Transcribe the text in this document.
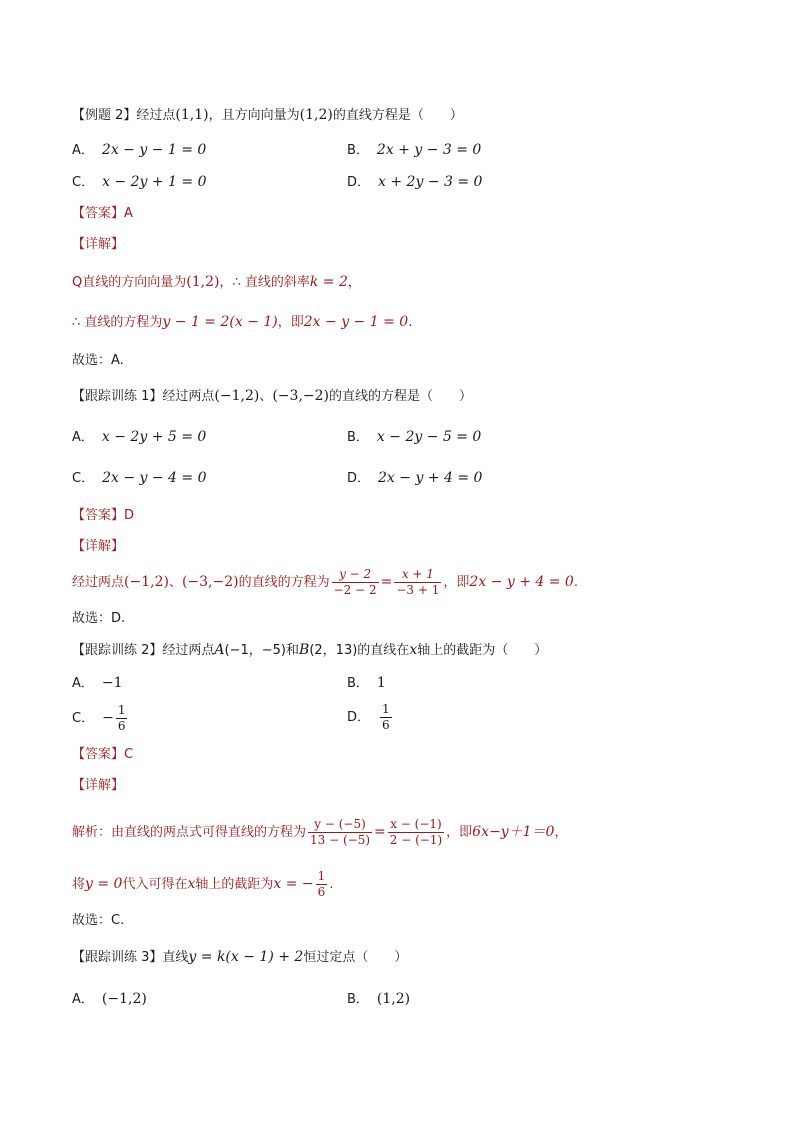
【例题 2】经过点(1,1)，且方向向量为(1,2)的直线方程是（　　）
A． 2x − y − 1 = 0	B． 2x + y − 3 = 0
C． x − 2y + 1 = 0	D． x + 2y − 3 = 0
【答案】A
【详解】
Q直线的方向向量为(1,2)，∴ 直线的斜率k = 2，
∴ 直线的方程为y − 1 = 2(x − 1)，即2x − y − 1 = 0.
故选：A.
【跟踪训练 1】经过两点(−1,2)、(−3,−2)的直线的方程是（　　）
A． x − 2y + 5 = 0	B． x − 2y − 5 = 0
C． 2x − y − 4 = 0	D． 2x − y + 4 = 0
【答案】D
【详解】
经过两点(−1,2)、(−3,−2)的直线的方程为 $\frac{y - 2}{-2 - 2} = \frac{x + 1}{-3 + 1}$ ，即2x − y + 4 = 0.
故选：D.
【跟踪训练 2】经过两点A(−1，−5)和B(2，13)的直线在x轴上的截距为（　　）
A． −1	B． 1
C． − $\frac{1}{6}$	D． $\frac{1}{6}$
【答案】C
【详解】
解析：由直线的两点式可得直线的方程为 $\frac{y - (-5)}{13 - (-5)} = \frac{x - (-1)}{2 - (-1)}$ ，即6x−y＋1＝0，
将y = 0代入可得在x轴上的截距为x = − $\frac{1}{6}$ .
故选：C.
【跟踪训练 3】直线y = k(x − 1) + 2恒过定点（　　）
A． (−1,2)	B． (1,2)
